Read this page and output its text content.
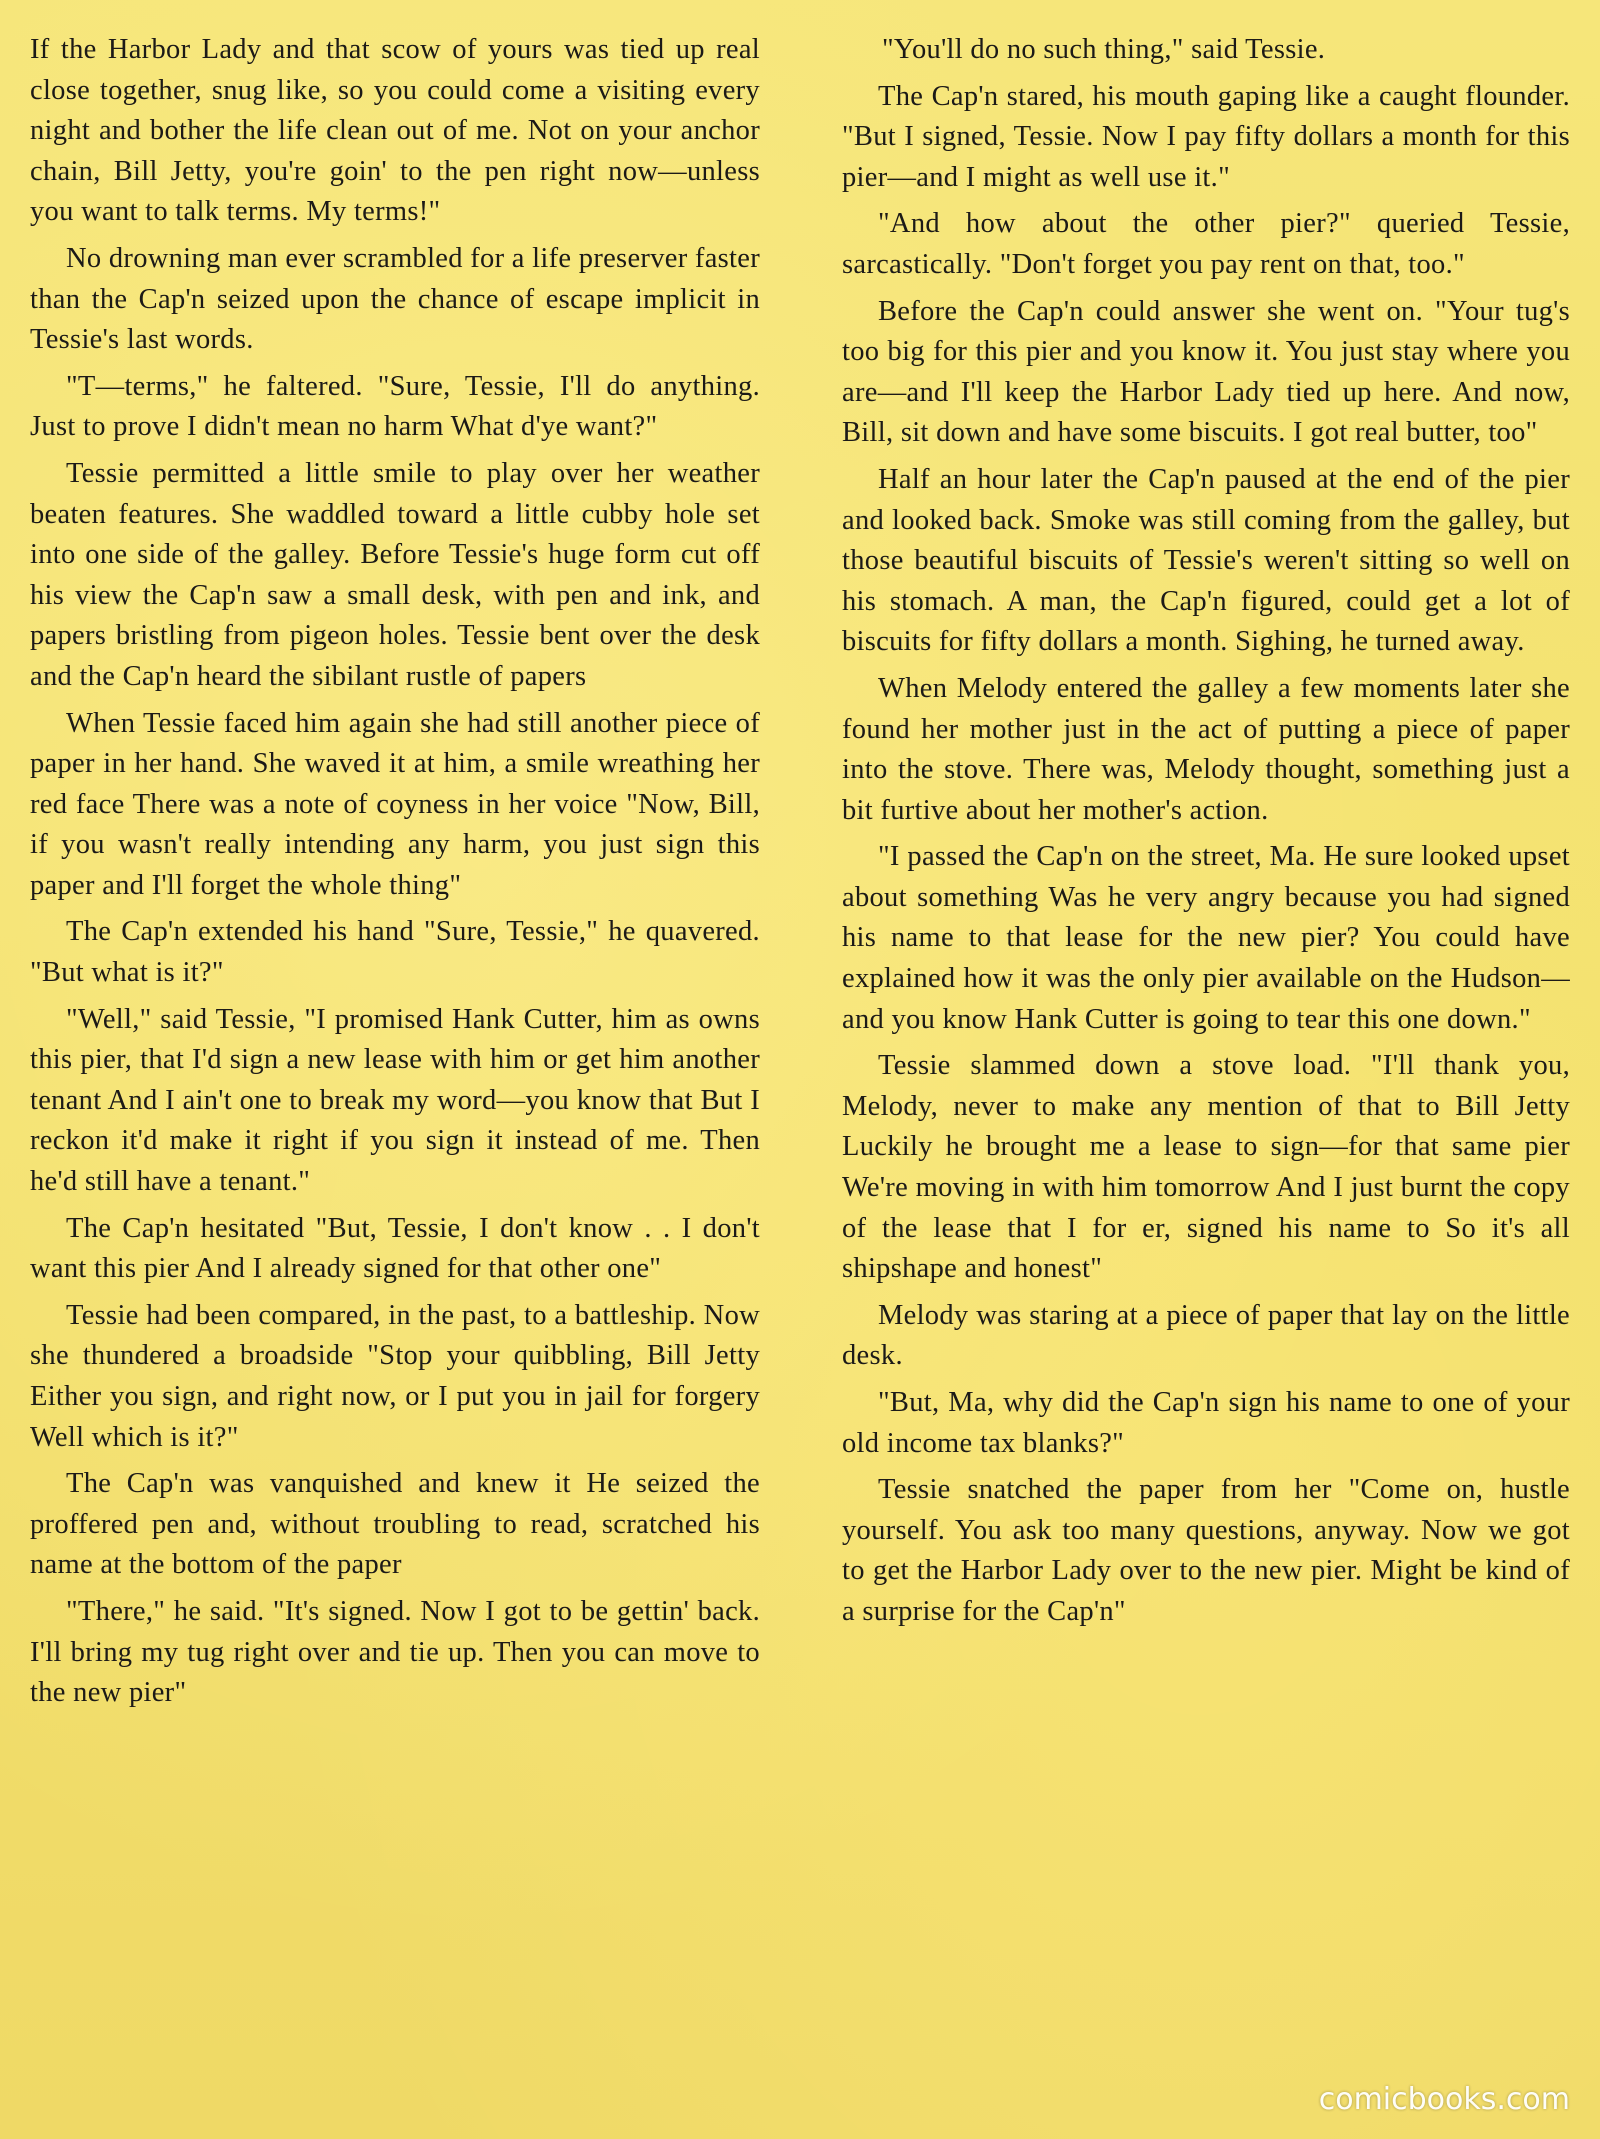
If the Harbor Lady and that scow of yours was tied up real close together, snug like, so you could come a visiting every night and bother the life clean out of me. Not on your anchor chain, Bill Jetty, you're goin' to the pen right now—unless you want to talk terms. My terms!"

No drowning man ever scrambled for a life preserver faster than the Cap'n seized upon the chance of escape implicit in Tessie's last words.

"T—terms," he faltered. "Sure, Tessie, I'll do anything. Just to prove I didn't mean no harm What d'ye want?"

Tessie permitted a little smile to play over her weather beaten features. She waddled toward a little cubby hole set into one side of the galley. Before Tessie's huge form cut off his view the Cap'n saw a small desk, with pen and ink, and papers bristling from pigeon holes. Tessie bent over the desk and the Cap'n heard the sibilant rustle of papers

When Tessie faced him again she had still another piece of paper in her hand. She waved it at him, a smile wreathing her red face There was a note of coyness in her voice "Now, Bill, if you wasn't really intending any harm, you just sign this paper and I'll forget the whole thing"

The Cap'n extended his hand "Sure, Tessie," he quavered. "But what is it?"

"Well," said Tessie, "I promised Hank Cutter, him as owns this pier, that I'd sign a new lease with him or get him another tenant And I ain't one to break my word—you know that But I reckon it'd make it right if you sign it instead of me. Then he'd still have a tenant."

The Cap'n hesitated "But, Tessie, I don't know . . I don't want this pier And I already signed for that other one"

Tessie had been compared, in the past, to a battleship. Now she thundered a broadside "Stop your quibbling, Bill Jetty Either you sign, and right now, or I put you in jail for forgery Well which is it?"

The Cap'n was vanquished and knew it He seized the proffered pen and, without troubling to read, scratched his name at the bottom of the paper

"There," he said. "It's signed. Now I got to be gettin' back. I'll bring my tug right over and tie up. Then you can move to the new pier"

"You'll do no such thing," said Tessie.

The Cap'n stared, his mouth gaping like a caught flounder. "But I signed, Tessie. Now I pay fifty dollars a month for this pier—and I might as well use it."

"And how about the other pier?" queried Tessie, sarcastically. "Don't forget you pay rent on that, too."

Before the Cap'n could answer she went on. "Your tug's too big for this pier and you know it. You just stay where you are—and I'll keep the Harbor Lady tied up here. And now, Bill, sit down and have some biscuits. I got real butter, too"

Half an hour later the Cap'n paused at the end of the pier and looked back. Smoke was still coming from the galley, but those beautiful biscuits of Tessie's weren't sitting so well on his stomach. A man, the Cap'n figured, could get a lot of biscuits for fifty dollars a month. Sighing, he turned away.

When Melody entered the galley a few moments later she found her mother just in the act of putting a piece of paper into the stove. There was, Melody thought, something just a bit furtive about her mother's action.

"I passed the Cap'n on the street, Ma. He sure looked upset about something Was he very angry because you had signed his name to that lease for the new pier? You could have explained how it was the only pier available on the Hudson—and you know Hank Cutter is going to tear this one down."

Tessie slammed down a stove load. "I'll thank you, Melody, never to make any mention of that to Bill Jetty Luckily he brought me a lease to sign—for that same pier We're moving in with him tomorrow And I just burnt the copy of the lease that I for er, signed his name to So it's all shipshape and honest"

Melody was staring at a piece of paper that lay on the little desk.

"But, Ma, why did the Cap'n sign his name to one of your old income tax blanks?"

Tessie snatched the paper from her "Come on, hustle yourself. You ask too many questions, anyway. Now we got to get the Harbor Lady over to the new pier. Might be kind of a surprise for the Cap'n"

comicbooks.com
